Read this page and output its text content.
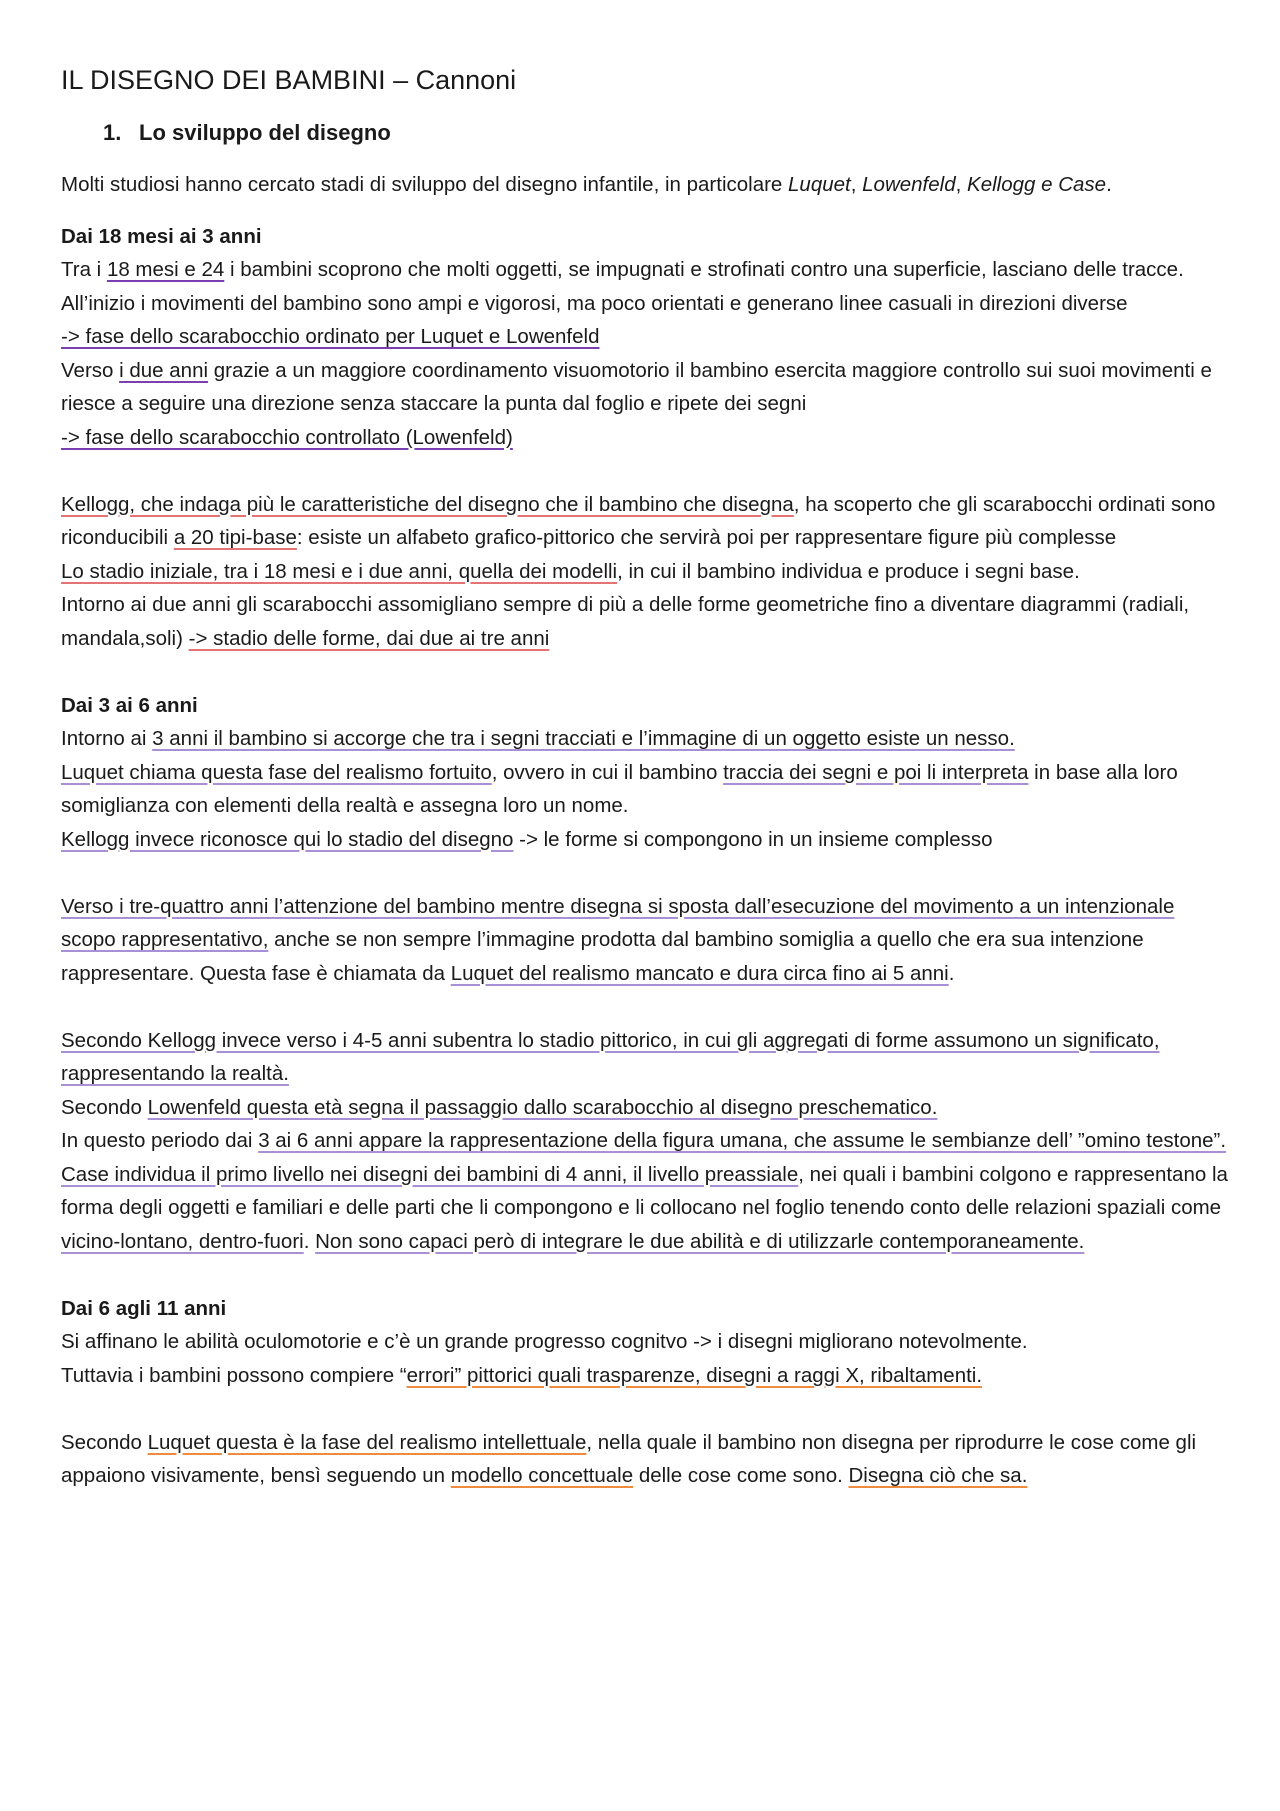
IL DISEGNO DEI BAMBINI – Cannoni
1. Lo sviluppo del disegno

Molti studiosi hanno cercato stadi di sviluppo del disegno infantile, in particolare Luquet, Lowenfeld, Kellogg e Case.

Dai 18 mesi ai 3 anni

Tra i 18 mesi e 24 i bambini scoprono che molti oggetti, se impugnati e strofinati contro una superficie, lasciano delle tracce.

All’inizio i movimenti del bambino sono ampi e vigorosi, ma poco orientati e generano linee casuali in direzioni diverse

-> fase dello scarabocchio ordinato per Luquet e Lowenfeld

Verso i due anni grazie a un maggiore coordinamento visuomotorio il bambino esercita maggiore controllo sui suoi movimenti e riesce a seguire una direzione senza staccare la punta dal foglio e ripete dei segni

-> fase dello scarabocchio controllato (Lowenfeld)

Kellogg, che indaga più le caratteristiche del disegno che il bambino che disegna, ha scoperto che gli scarabocchi ordinati sono riconducibili a 20 tipi-base: esiste un alfabeto grafico-pittorico che servirà poi per rappresentare figure più complesse

Lo stadio iniziale, tra i 18 mesi e i due anni, quella dei modelli, in cui il bambino individua e produce i segni base.

Intorno ai due anni gli scarabocchi assomigliano sempre di più a delle forme geometriche fino a diventare diagrammi (radiali, mandala,soli) -> stadio delle forme, dai due ai tre anni

Dai 3 ai 6 anni

Intorno ai 3 anni il bambino si accorge che tra i segni tracciati e l’immagine di un oggetto esiste un nesso.

Luquet chiama questa fase del realismo fortuito, ovvero in cui il bambino traccia dei segni e poi li interpreta in base alla loro somiglianza con elementi della realtà e assegna loro un nome.

Kellogg invece riconosce qui lo stadio del disegno -> le forme si compongono in un insieme complesso

Verso i tre-quattro anni l’attenzione del bambino mentre disegna si sposta dall’esecuzione del movimento a un intenzionale scopo rappresentativo, anche se non sempre l’immagine prodotta dal bambino somiglia a quello che era sua intenzione rappresentare. Questa fase è chiamata da Luquet del realismo mancato e dura circa fino ai 5 anni.

Secondo Kellogg invece verso i 4-5 anni subentra lo stadio pittorico, in cui gli aggregati di forme assumono un significato, rappresentando la realtà.

Secondo Lowenfeld questa età segna il passaggio dallo scarabocchio al disegno preschematico.

In questo periodo dai 3 ai 6 anni appare la rappresentazione della figura umana, che assume le sembianze dell’ ”omino testone”.

Case individua il primo livello nei disegni dei bambini di 4 anni, il livello preassiale, nei quali i bambini colgono e rappresentano la forma degli oggetti e familiari e delle parti che li compongono e li collocano nel foglio tenendo conto delle relazioni spaziali come vicino-lontano, dentro-fuori. Non sono capaci però di integrare le due abilità e di utilizzarle contemporaneamente.

Dai 6 agli 11 anni

Si affinano le abilità oculomotorie e c’è un grande progresso cognitvo -> i disegni migliorano notevolmente.

Tuttavia i bambini possono compiere “errori” pittorici quali trasparenze, disegni a raggi X, ribaltamenti.

Secondo Luquet questa è la fase del realismo intellettuale, nella quale il bambino non disegna per riprodurre le cose come gli appaiono visivamente, bensì seguendo un modello concettuale delle cose come sono. Disegna ciò che sa.
